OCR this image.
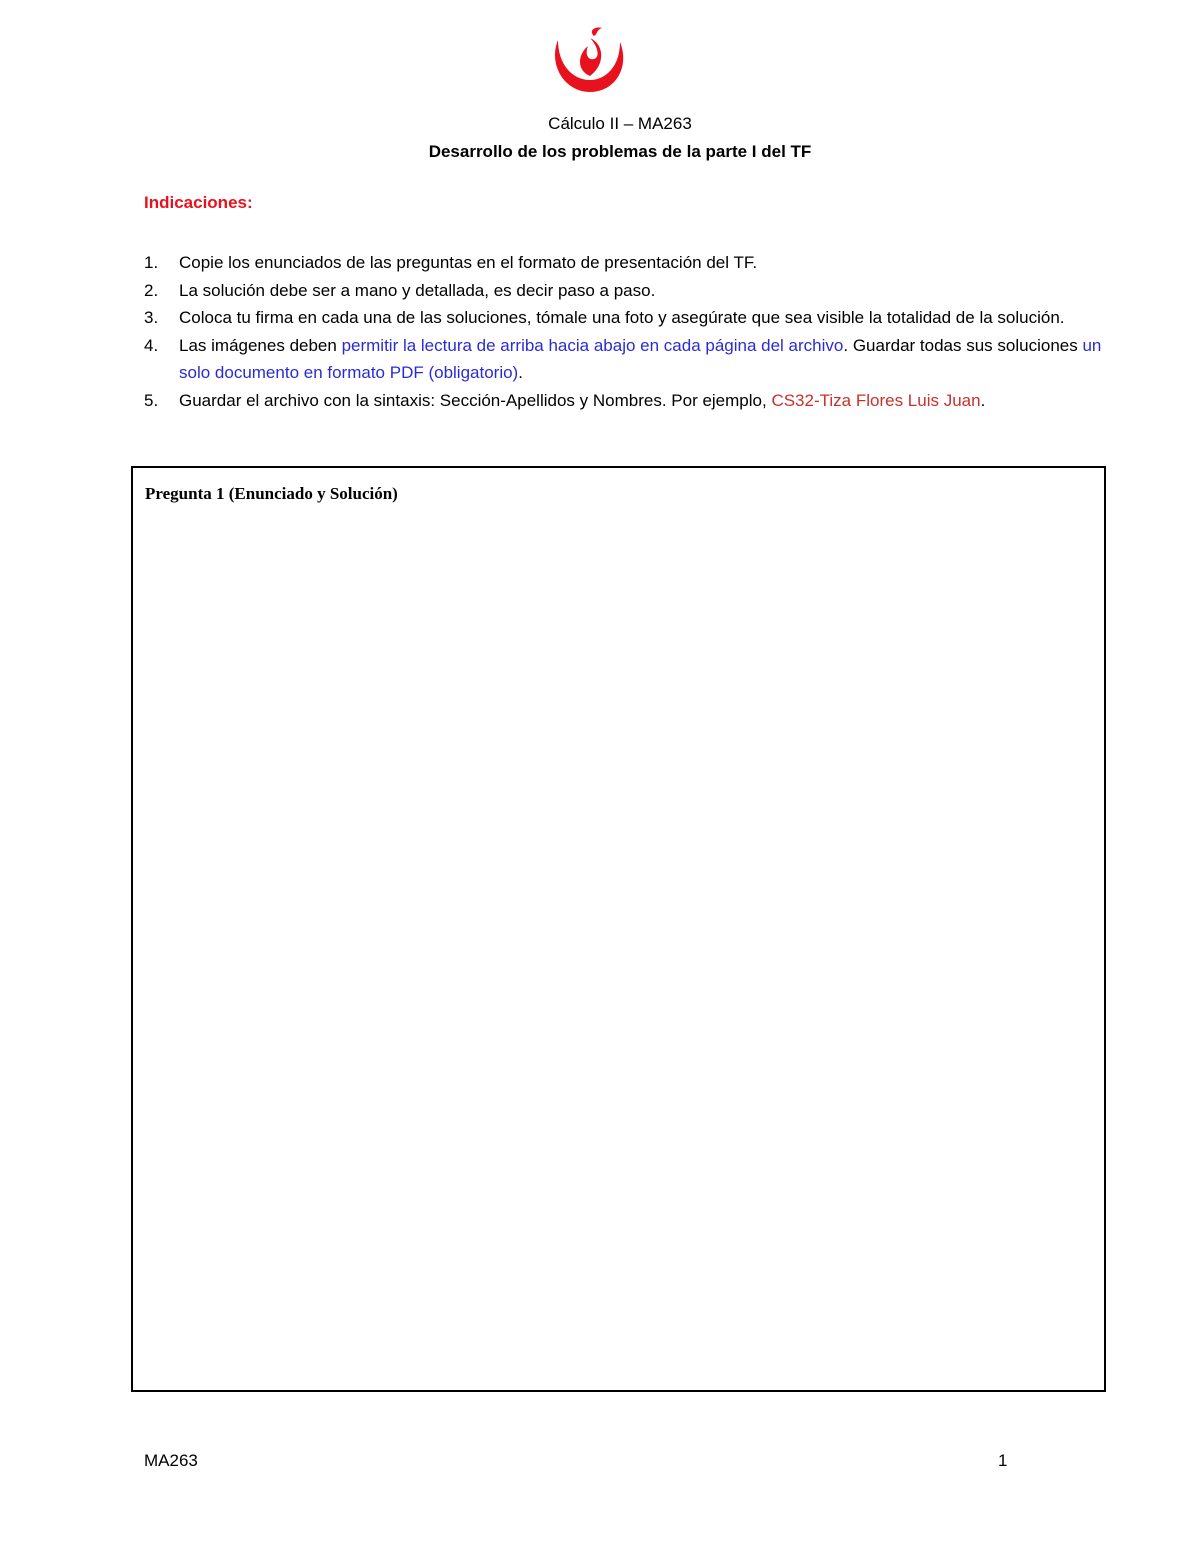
Cálculo II – MA263
Desarrollo de los problemas de la parte I del TF
Indicaciones:
1.	Copie los enunciados de las preguntas en el formato de presentación del TF.
2.	La solución debe ser a mano y detallada, es decir paso a paso.
3.	Coloca tu firma en cada una de las soluciones, tómale una foto y asegúrate que sea visible la totalidad de la solución.
4.	Las imágenes deben permitir la lectura de arriba hacia abajo en cada página del archivo. Guardar todas sus soluciones un solo documento en formato PDF (obligatorio).
5.	Guardar el archivo con la sintaxis: Sección-Apellidos y Nombres. Por ejemplo, CS32-Tiza Flores Luis Juan.
Pregunta 1 (Enunciado y Solución)
MA263	1
